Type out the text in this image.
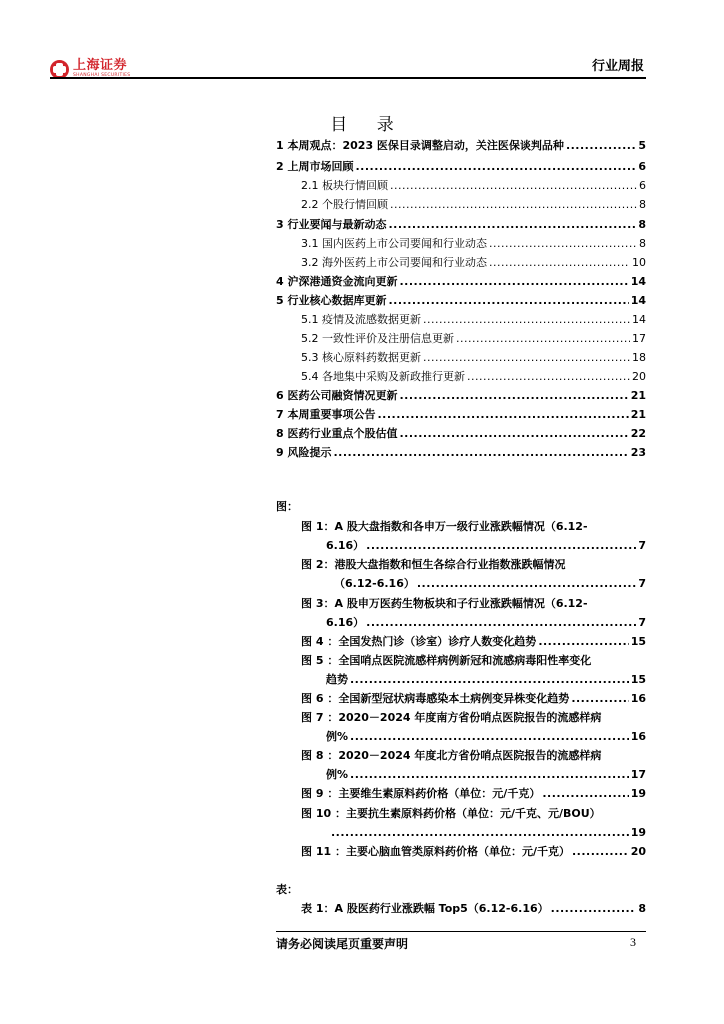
上海证券
SHANGHAI SECURITIES
行业周报
目 录
1 本周观点：2023 医保目录调整启动，关注医保谈判品种 .....	5
2 上周市场回顾 .....	6
2.1 板块行情回顾 .....	6
2.2 个股行情回顾 .....	8
3 行业要闻与最新动态 .....	8
3.1 国内医药上市公司要闻和行业动态 .....	8
3.2 海外医药上市公司要闻和行业动态 .....	10
4 沪深港通资金流向更新 .....	14
5 行业核心数据库更新 .....	14
5.1 疫情及流感数据更新 .....	14
5.2 一致性评价及注册信息更新 .....	17
5.3 核心原料药数据更新 .....	18
5.4 各地集中采购及新政推行更新 .....	20
6 医药公司融资情况更新 .....	21
7 本周重要事项公告 .....	21
8 医药行业重点个股估值 .....	22
9 风险提示 .....	23
图：
图 1：A 股大盘指数和各申万一级行业涨跌幅情况（6.12-
6.16） .....	7
图 2：港股大盘指数和恒生各综合行业指数涨跌幅情况
（6.12-6.16） .....	7
图 3：A 股申万医药生物板块和子行业涨跌幅情况（6.12-
6.16） .....	7
图 4 ：全国发热门诊（诊室）诊疗人数变化趋势 .....	15
图 5 ：全国哨点医院流感样病例新冠和流感病毒阳性率变化
趋势 .....	15
图 6 ：全国新型冠状病毒感染本土病例变异株变化趋势 .....	16
图 7 ：2020－2024 年度南方省份哨点医院报告的流感样病
例% .....	16
图 8 ：2020－2024 年度北方省份哨点医院报告的流感样病
例% .....	17
图 9 ：主要维生素原料药价格（单位：元/千克） .....	19
图 10 ：主要抗生素原料药价格（单位：元/千克、元/BOU）
.....
19
图 11 ：主要心脑血管类原料药价格（单位：元/千克） .....	20
表：
表 1：A 股医药行业涨跌幅 Top5（6.12-6.16） .....	8
请务必阅读尾页重要声明	3
